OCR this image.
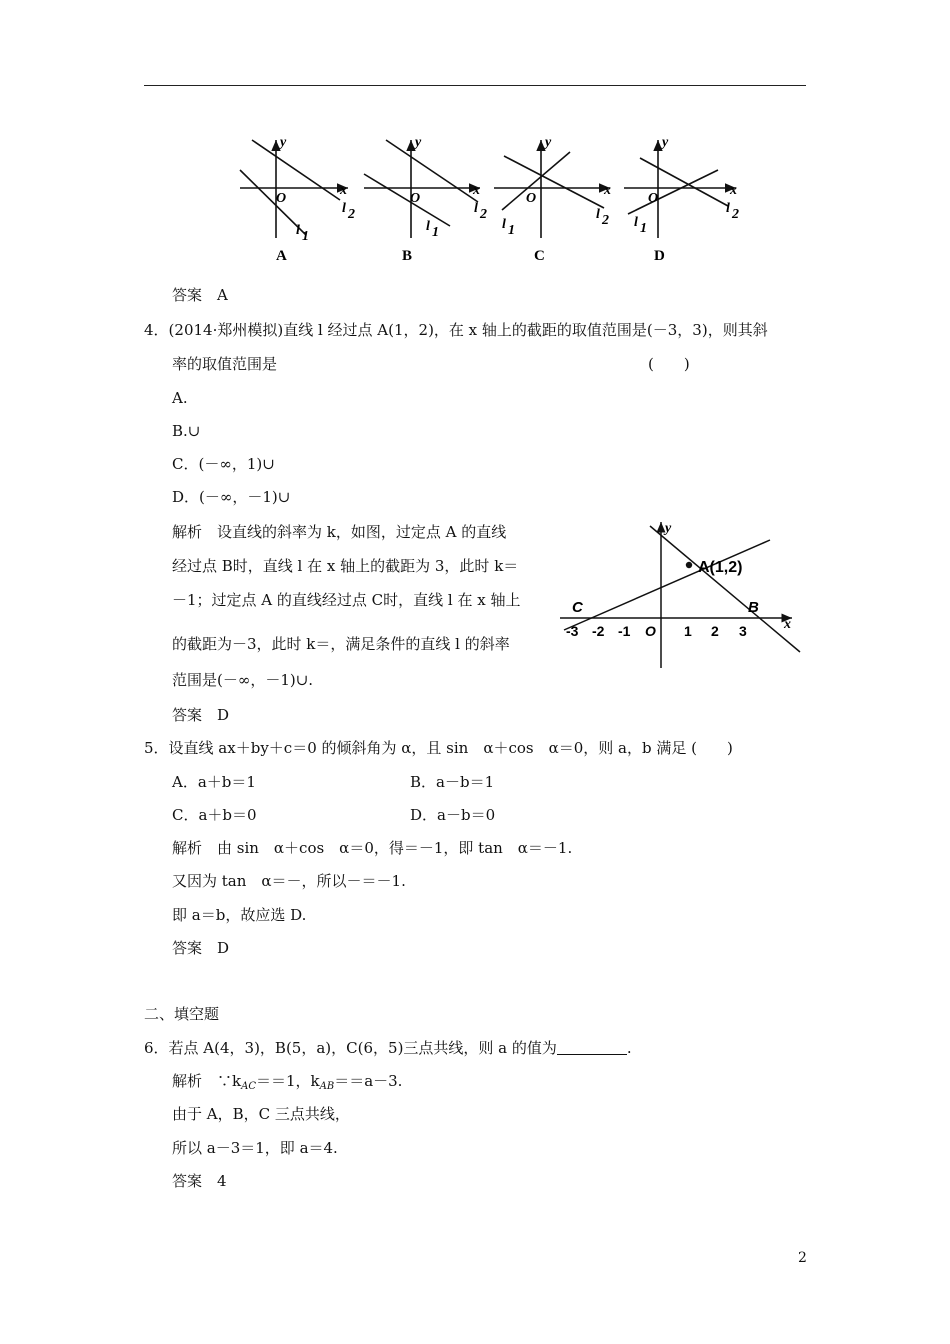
y
x
O
l 2
l 1
A
y
x
O
l 2
l 1
B
y
x
O
l 2
l 1
C
y
x
O
l 2
l 1
D
答案　A
4．(2014·郑州模拟)直线 l 经过点 A(1，2)，在 x 轴上的截距的取值范围是(－3，3)，则其斜
率的取值范围是	(　　)
A.
B.∪
C．(－∞，1)∪
D．(－∞，－1)∪
解析　设直线的斜率为 k，如图，过定点 A 的直线
经过点 B时，直线 l 在 x 轴上的截距为 3，此时 k＝
－1；过定点 A 的直线经过点 C时，直线 l 在 x 轴上
的截距为－3，此时 k＝，满足条件的直线 l 的斜率
范围是(－∞，－1)∪.
答案　D
y
x
A(1,2)
B
C
-3 -2 -1 O 1 2 3
5．设直线 ax＋by＋c＝0 的倾斜角为 α，且 sin　α＋cos　α＝0，则 a，b 满足 (　　)
A．a＋b＝1	B．a－b＝1
C．a＋b＝0	D．a－b＝0
解析　由 sin　α＋cos　α＝0，得＝－1，即 tan　α＝－1.
又因为 tan　α＝－，所以－＝－1.
即 a＝b，故应选 D.
答案　D
二、填空题
6．若点 A(4，3)，B(5，a)，C(6，5)三点共线，则 a 的值为	.
解析　$\because k_{AC}==1$，$k_{AB}==a-3$.
由于 A，B，C 三点共线，
所以 a－3＝1，即 a＝4.
答案　4
2
